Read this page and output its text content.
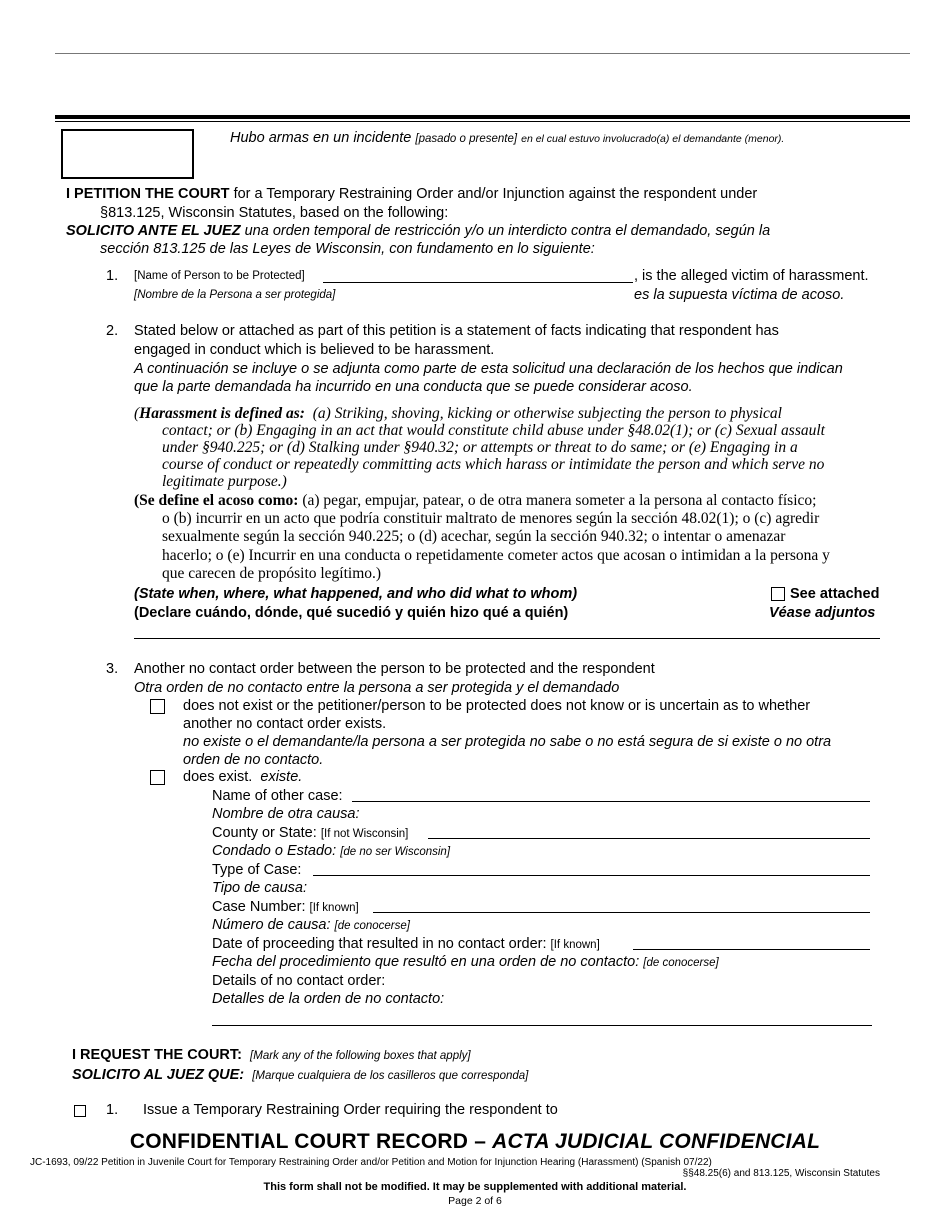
Hubo armas en un incidente [pasado o presente] en el cual estuvo involucrado(a) el demandante (menor).
I PETITION THE COURT for a Temporary Restraining Order and/or Injunction against the respondent under
§813.125, Wisconsin Statutes, based on the following:
SOLICITO ANTE EL JUEZ una orden temporal de restricción y/o un interdicto contra el demandado, según la
sección 813.125 de las Leyes de Wisconsin, con fundamento en lo siguiente:
1. [Name of Person to be Protected]	, is the alleged victim of harassment.
[Nombre de la Persona a ser protegida]	es la supuesta víctima de acoso.
2. Stated below or attached as part of this petition is a statement of facts indicating that respondent has
engaged in conduct which is believed to be harassment.
A continuación se incluye o se adjunta como parte de esta solicitud una declaración de los hechos que indican
que la parte demandada ha incurrido en una conducta que se puede considerar acoso.
(Harassment is defined as: (a) Striking, shoving, kicking or otherwise subjecting the person to physical
contact; or (b) Engaging in an act that would constitute child abuse under §48.02(1); or (c) Sexual assault
under §940.225; or (d) Stalking under §940.32; or attempts or threat to do same; or (e) Engaging in a
course of conduct or repeatedly committing acts which harass or intimidate the person and which serve no
legitimate purpose.)
(Se define el acoso como: (a) pegar, empujar, patear, o de otra manera someter a la persona al contacto físico;
o (b) incurrir en un acto que podría constituir maltrato de menores según la sección 48.02(1); o (c) agredir
sexualmente según la sección 940.225; o (d) acechar, según la sección 940.32; o intentar o amenazar
hacerlo; o (e) Incurrir en una conducta o repetidamente cometer actos que acosan o intimidan a la persona y
que carecen de propósito legítimo.)
(State when, where, what happened, and who did what to whom)
(Declare cuándo, dónde, qué sucedió y quién hizo qué a quién)
See attached
Véase adjuntos
3. Another no contact order between the person to be protected and the respondent
Otra orden de no contacto entre la persona a ser protegida y el demandado
does not exist or the petitioner/person to be protected does not know or is uncertain as to whether
another no contact order exists.
no existe o el demandante/la persona a ser protegida no sabe o no está segura de si existe o no otra
orden de no contacto.
does exist. existe.
Name of other case:
Nombre de otra causa:
County or State: [If not Wisconsin]
Condado o Estado: [de no ser Wisconsin]
Type of Case:
Tipo de causa:
Case Number: [If known]
Número de causa: [de conocerse]
Date of proceeding that resulted in no contact order: [If known]
Fecha del procedimiento que resultó en una orden de no contacto: [de conocerse]
Details of no contact order:
Detalles de la orden de no contacto:
I REQUEST THE COURT: [Mark any of the following boxes that apply]
SOLICITO AL JUEZ QUE: [Marque cualquiera de los casilleros que corresponda]
1. Issue a Temporary Restraining Order requiring the respondent to
CONFIDENTIAL COURT RECORD – ACTA JUDICIAL CONFIDENCIAL
JC-1693, 09/22 Petition in Juvenile Court for Temporary Restraining Order and/or Petition and Motion for Injunction Hearing (Harassment) (Spanish 07/22)
§§48.25(6) and 813.125, Wisconsin Statutes
This form shall not be modified. It may be supplemented with additional material.
Page 2 of 6
